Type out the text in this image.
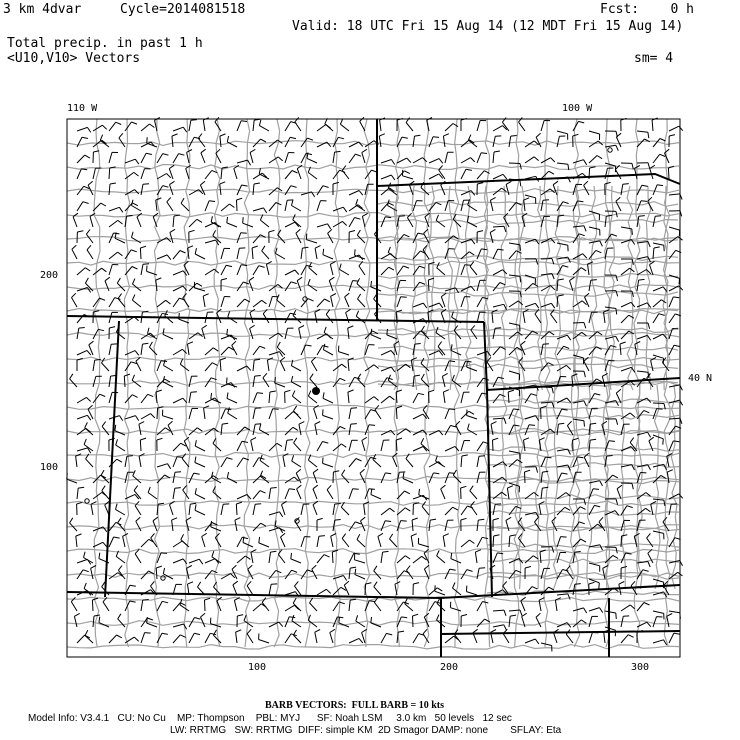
3 km 4dvar	Cycle=2014081518	Fcst:    0 h
Valid: 18 UTC Fri 15 Aug 14 (12 MDT Fri 15 Aug 14)
Total precip. in past 1 h
<U10,V10> Vectors	sm= 4
110 W	100 W
40 N
200
100
100	200	300
BARB VECTORS:  FULL BARB = 10 kts
Model Info: V3.4.1   CU: No Cu    MP: Thompson    PBL: MYJ      SF: Noah LSM     3.0 km   50 levels   12 sec
LW: RRTMG   SW: RRTMG  DIFF: simple KM  2D Smagor DAMP: none        SFLAY: Eta
